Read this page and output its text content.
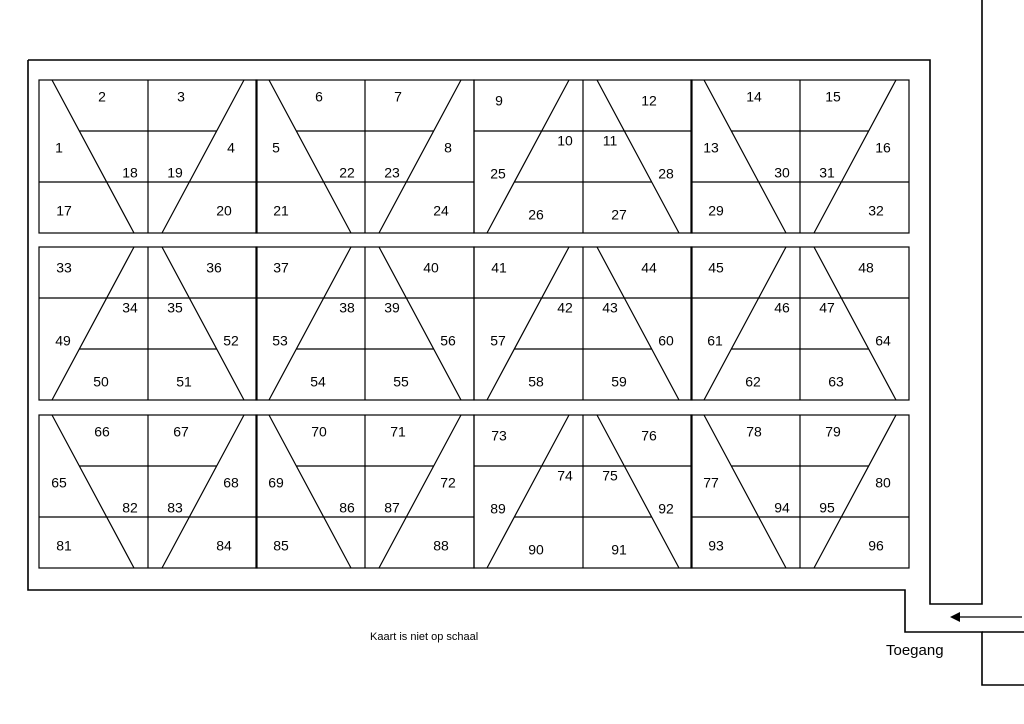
1
2	3
4
17
18 19
20
5
6	7
8
21
22 23
24
9
10 11
12
25
26	27
28
13
14	15
16
29
30 31
32
33
34 35
36
49
50	51
52
37
38 39
40
53
54	55
56
41
42 43
44
57
58	59
60
45
46 47
48
61
62	63
64
65
66	67
68
81
82 83
84
69
70	71
72
85
86 87
88
73
74 75
76
89
90	91
92
77
78	79
80
93
94 95
96
Kaart is niet op schaal
Toegang
